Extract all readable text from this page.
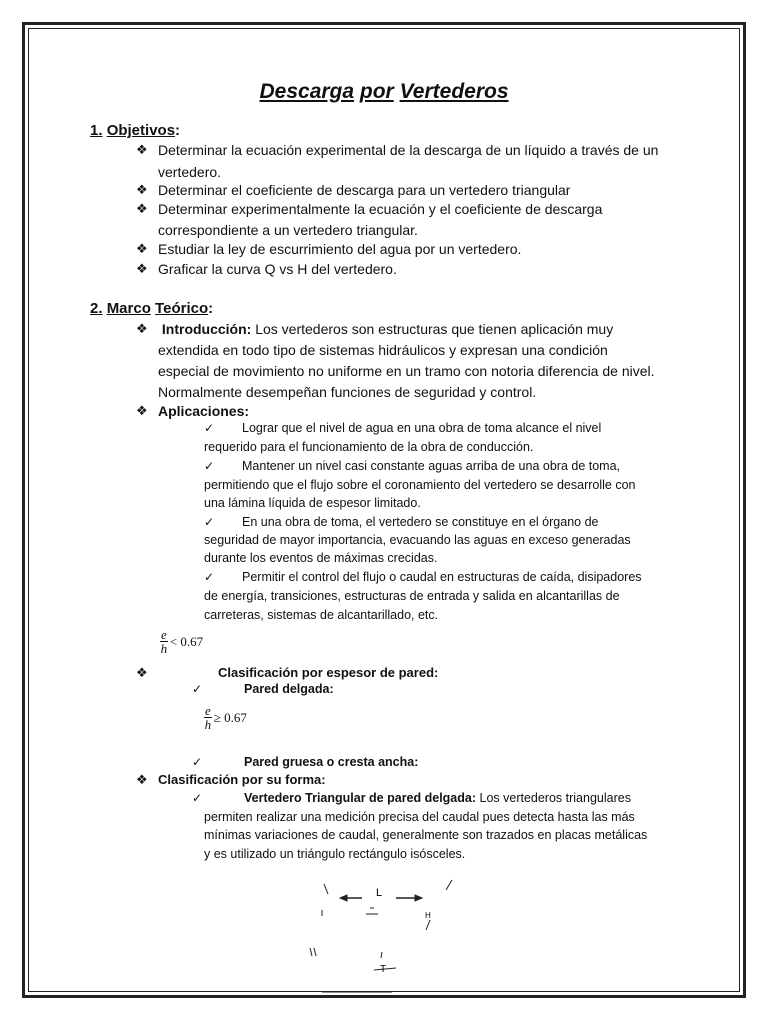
Descarga por Vertederos
1. Objetivos:
❖ Determinar la ecuación experimental de la descarga de un líquido a través de un
vertedero.
❖ Determinar el coeficiente de descarga para un vertedero triangular
❖ Determinar experimentalmente la ecuación y el coeficiente de descarga
correspondiente a un vertedero triangular.
❖ Estudiar la ley de escurrimiento del agua por un vertedero.
❖ Graficar la curva Q vs H del vertedero.
2. Marco Teórico:
❖ Introducción: Los vertederos son estructuras que tienen aplicación muy
extendida en todo tipo de sistemas hidráulicos y expresan una condición
especial de movimiento no uniforme en un tramo con notoria diferencia de nivel.
Normalmente desempeñan funciones de seguridad y control.
❖ Aplicaciones:
✓ Lograr que el nivel de agua en una obra de toma alcance el nivel
requerido para el funcionamiento de la obra de conducción.
✓ Mantener un nivel casi constante aguas arriba de una obra de toma,
permitiendo que el flujo sobre el coronamiento del vertedero se desarrolle con
una lámina líquida de espesor limitado.
✓ En una obra de toma, el vertedero se constituye en el órgano de
seguridad de mayor importancia, evacuando las aguas en exceso generadas
durante los eventos de máximas crecidas.
✓ Permitir el control del flujo o caudal en estructuras de caída, disipadores
de energía, transiciones, estructuras de entrada y salida en alcantarillas de
carreteras, sistemas de alcantarillado, etc.
$\frac{e}{h} < 0.67$
❖	Clasificación por espesor de pared:
✓	Pared delgada:
$\frac{e}{h} \ge 0.67$
✓	Pared gruesa o cresta ancha:
❖ Clasificación por su forma:
✓	Vertedero Triangular de pared delgada: Los vertederos triangulares
permiten realizar una medición precisa del caudal pues detecta hasta las más
mínimas variaciones de caudal, generalmente son trazados en placas metálicas
y es utilizado un triángulo rectángulo isósceles.
L
H
T
